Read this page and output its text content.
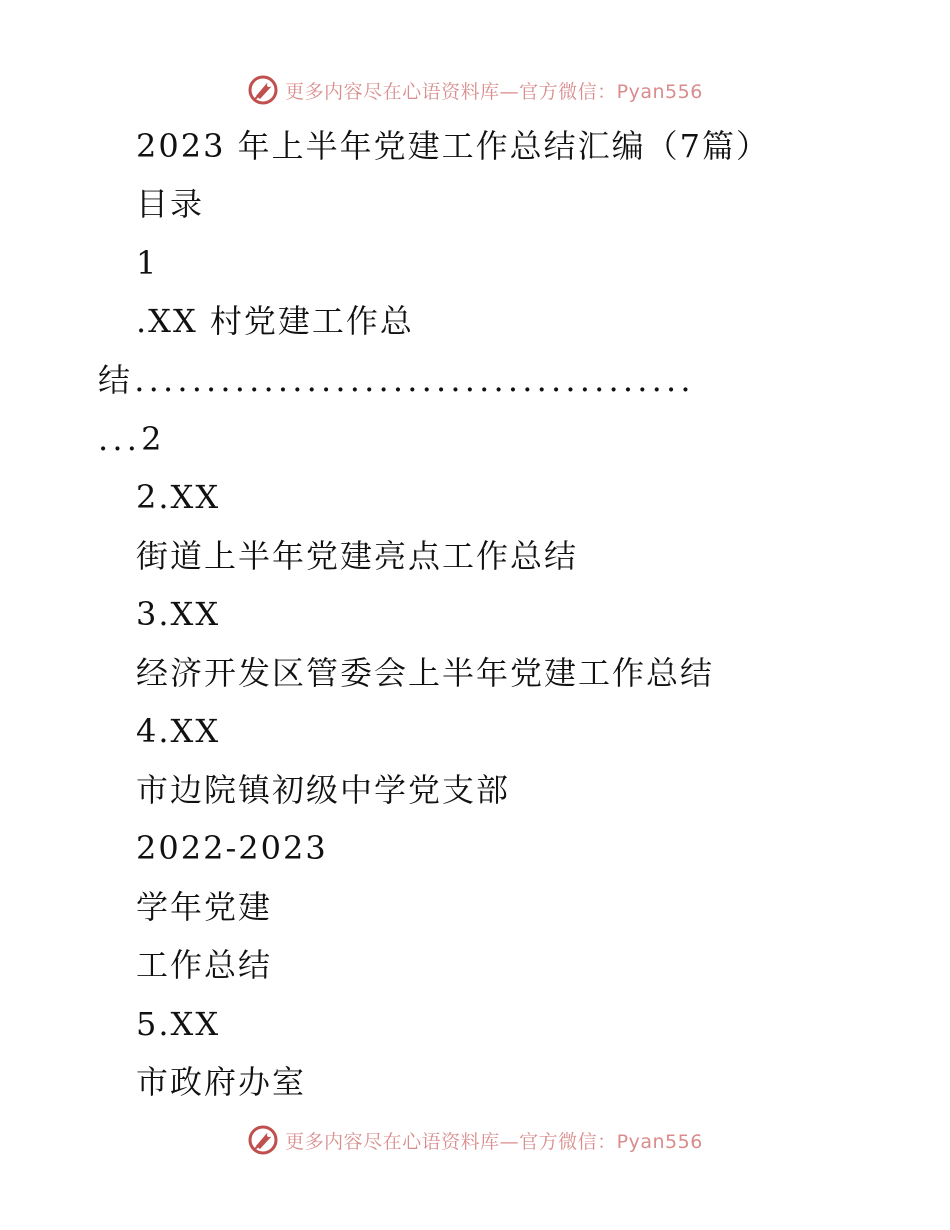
更多内容尽在心语资料库—官方微信：Pyan556
2023 年上半年党建工作总结汇编（7篇）
目录
1
.XX 村党建工作总
结.......................................
...2
2.XX
街道上半年党建亮点工作总结
3.XX
经济开发区管委会上半年党建工作总结
4.XX
市边院镇初级中学党支部
2022-2023
学年党建
工作总结
5.XX
市政府办室
更多内容尽在心语资料库—官方微信：Pyan556
